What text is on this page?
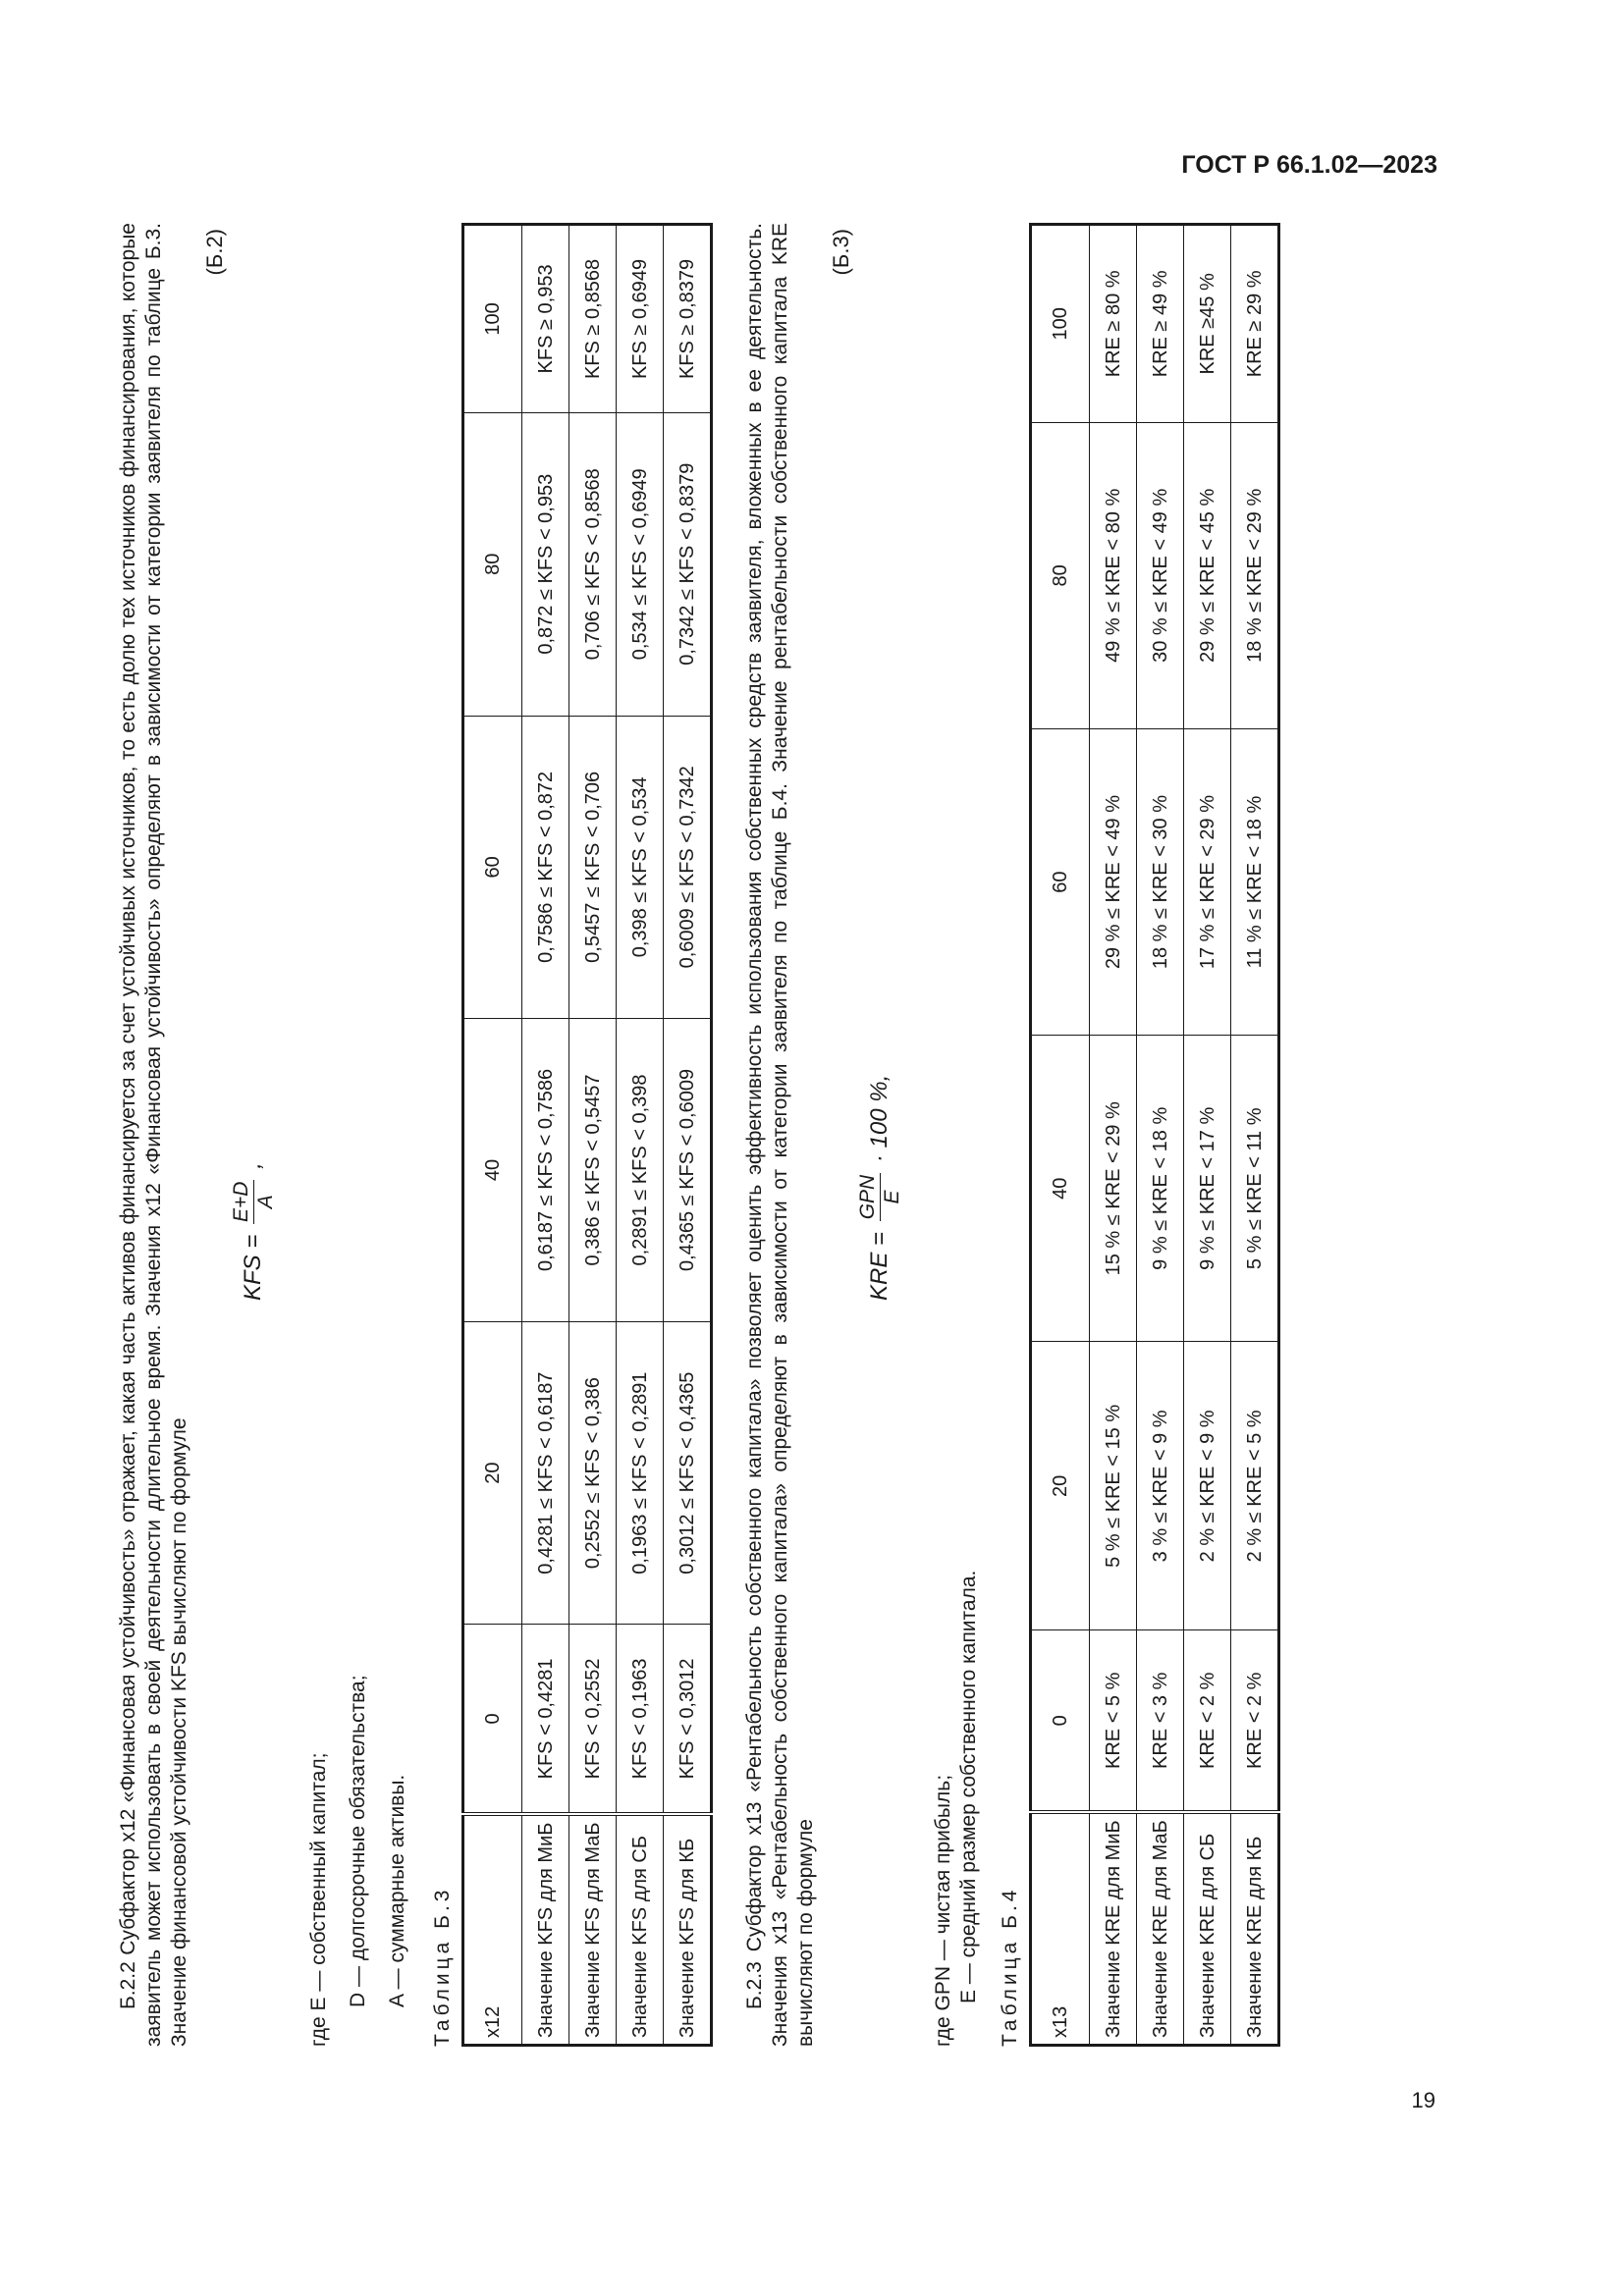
ГОСТ Р 66.1.02—2023
19

Б.2.2 Субфактор x12 «Финансовая устойчивость» отражает, какая часть активов финансируется за счет устойчивых источников, то есть долю тех источников финансирования, которые заявитель может использовать в своей деятельности длительное время. Значения x12 «Финансовая устойчивость» определяют в зависимости от категории заявителя по таблице Б.3. Значение финансовой устойчивости KFS вычисляют по формуле

KFS =
E+D A
,
(Б.2)

где E — собственный капитал; D — долгосрочные обязательства; A — суммарные активы. Таблица Б.3 x12	0	20	40	60	80	100
Значение KFS для МиБ	KFS < 0,4281	0,4281 ≤ KFS < 0,6187	0,6187 ≤ KFS < 0,7586	0,7586 ≤ KFS < 0,872	0,872 ≤ KFS < 0,953	KFS ≥ 0,953
Значение KFS для МаБ	KFS < 0,2552	0,2552 ≤ KFS < 0,386	0,386 ≤ KFS < 0,5457	0,5457 ≤ KFS < 0,706	0,706 ≤ KFS < 0,8568	KFS ≥ 0,8568
Значение KFS для СБ	KFS < 0,1963	0,1963 ≤ KFS < 0,2891	0,2891 ≤ KFS < 0,398	0,398 ≤ KFS < 0,534	0,534 ≤ KFS < 0,6949	KFS ≥ 0,6949
Значение KFS для КБ	KFS < 0,3012	0,3012 ≤ KFS < 0,4365	0,4365 ≤ KFS < 0,6009	0,6009 ≤ KFS < 0,7342	0,7342 ≤ KFS < 0,8379	KFS ≥ 0,8379 Б.2.3 Субфактор x13 «Рентабельность собственного капитала» позволяет оценить эффективность использования собственных средств заявителя, вложенных в ее деятельность. Значения x13 «Рентабельность собственного капитала» определяют в зависимости от категории заявителя по таблице Б.4. Значение рентабельности собственного капитала KRE вычисляют по формуле

KRE =
GPN E
· 100 %,
(Б.3)

где GPN — чистая прибыль; E — средний размер собственного капитала. Таблица Б.4 x13	0	20	40	60	80	100
Значение KRE для МиБ	KRE < 5 %	5 % ≤ KRE < 15 %	15 % ≤ KRE < 29 %	29 % ≤ KRE < 49 %	49 % ≤ KRE < 80 %	KRE ≥ 80 %
Значение KRE для МаБ	KRE < 3 %	3 % ≤ KRE < 9 %	9 % ≤ KRE < 18 %	18 % ≤ KRE < 30 %	30 % ≤ KRE < 49 %	KRE ≥ 49 %
Значение KRE для СБ	KRE < 2 %	2 % ≤ KRE < 9 %	9 % ≤ KRE < 17 %	17 % ≤ KRE < 29 %	29 % ≤ KRE < 45 %	KRE ≥45 %
Значение KRE для КБ	KRE < 2 %	2 % ≤ KRE < 5 %	5 % ≤ KRE < 11 %	11 % ≤ KRE < 18 %	18 % ≤ KRE < 29 %	KRE ≥ 29 %
